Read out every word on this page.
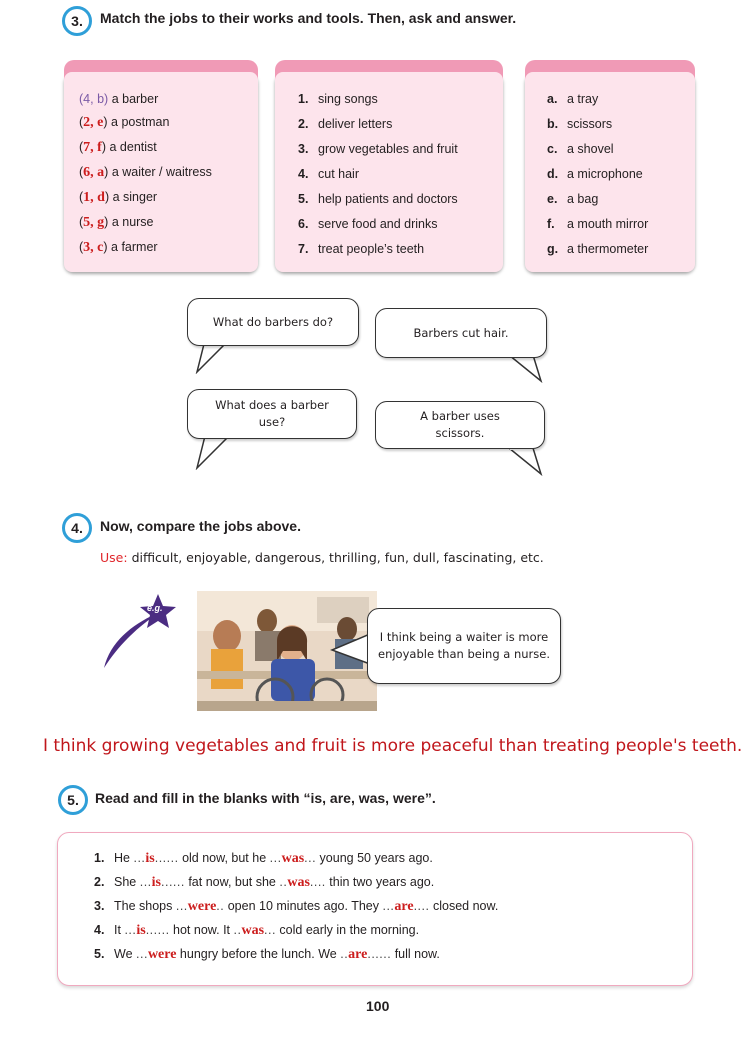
3.	Match the jobs to their works and tools. Then, ask and answer.
(4, b) a barber
(2, e) a postman
(7, f) a dentist
(6, a) a waiter / waitress
(1, d) a singer
(5, g) a nurse
(3, c) a farmer
1. sing songs
2. deliver letters
3. grow vegetables and fruit
4. cut hair
5. help patients and doctors
6. serve food and drinks
7. treat people’s teeth
a. a tray
b. scissors
c. a shovel
d. a microphone
e. a bag
f. a mouth mirror
g. a thermometer
What do barbers do?
Barbers cut hair.
What does a barber use?	A barber uses scissors.
4.	Now, compare the jobs above.
Use: difficult, enjoyable, dangerous, thrilling, fun, dull, fascinating, etc.
e.g.
I think being a waiter is more enjoyable than being a nurse.
I think growing vegetables and fruit is more peaceful than treating people's teeth.
5.	Read and fill in the blanks with “is, are, was, were”.
1. He ...is...... old now, but he ...was... young 50 years ago.
2. She ...is...... fat now, but she ..was.... thin two years ago.
3. The shops ...were.. open 10 minutes ago. They ...are.... closed now.
4. It ...is...... hot now. It ..was... cold early in the morning.
5. We ...were hungry before the lunch. We ..are...... full now.
100
